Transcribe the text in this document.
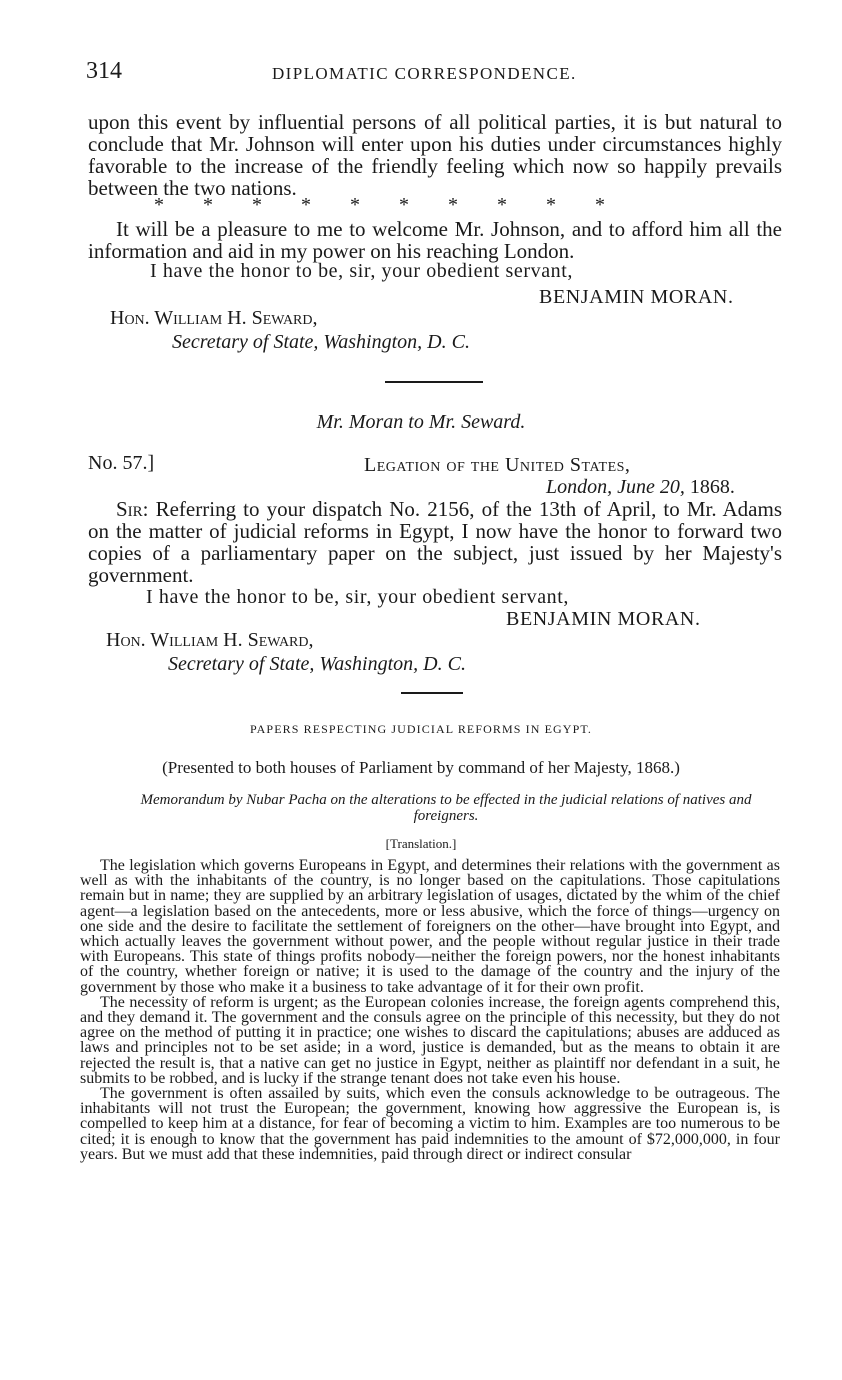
314	DIPLOMATIC CORRESPONDENCE.

upon this event by influential persons of all political parties, it is but natural to conclude that Mr. Johnson will enter upon his duties under circumstances highly favorable to the increase of the friendly feeling which now so happily prevails between the two nations.

* * * * * * * * * *

It will be a pleasure to me to welcome Mr. Johnson, and to afford him all the information and aid in my power on his reaching London.

I have the honor to be, sir, your obedient servant,
BENJAMIN MORAN.
Hon. William H. Seward,
Secretary of State, Washington, D. C.
Mr. Moran to Mr. Seward.
No. 57.]	Legation of the United States,
London, June 20, 1868.

Sir: Referring to your dispatch No. 2156, of the 13th of April, to Mr. Adams on the matter of judicial reforms in Egypt, I now have the honor to forward two copies of a parliamentary paper on the subject, just issued by her Majesty's government.

I have the honor to be, sir, your obedient servant,
BENJAMIN MORAN.
Hon. William H. Seward,
Secretary of State, Washington, D. C.
PAPERS RESPECTING JUDICIAL REFORMS IN EGYPT.
(Presented to both houses of Parliament by command of her Majesty, 1868.)
Memorandum by Nubar Pacha on the alterations to be effected in the judicial relations of natives and foreigners.
[Translation.]
The legislation which governs Europeans in Egypt, and determines their relations with the government as well as with the inhabitants of the country, is no longer based on the capitulations. Those capitulations remain but in name; they are supplied by an arbitrary legislation of usages, dictated by the whim of the chief agent—a legislation based on the antecedents, more or less abusive, which the force of things—urgency on one side and the desire to facilitate the settlement of foreigners on the other—have brought into Egypt, and which actually leaves the government without power, and the people without regular justice in their trade with Europeans. This state of things profits nobody—neither the foreign powers, nor the honest inhabitants of the country, whether foreign or native; it is used to the damage of the country and the injury of the government by those who make it a business to take advantage of it for their own profit.
The necessity of reform is urgent; as the European colonies increase, the foreign agents comprehend this, and they demand it. The government and the consuls agree on the principle of this necessity, but they do not agree on the method of putting it in practice; one wishes to discard the capitulations; abuses are adduced as laws and principles not to be set aside; in a word, justice is demanded, but as the means to obtain it are rejected the result is, that a native can get no justice in Egypt, neither as plaintiff nor defendant in a suit, he submits to be robbed, and is lucky if the strange tenant does not take even his house.
The government is often assailed by suits, which even the consuls acknowledge to be outrageous. The inhabitants will not trust the European; the government, knowing how aggressive the European is, is compelled to keep him at a distance, for fear of becoming a victim to him. Examples are too numerous to be cited; it is enough to know that the government has paid indemnities to the amount of $72,000,000, in four years. But we must add that these indemnities, paid through direct or indirect consular
